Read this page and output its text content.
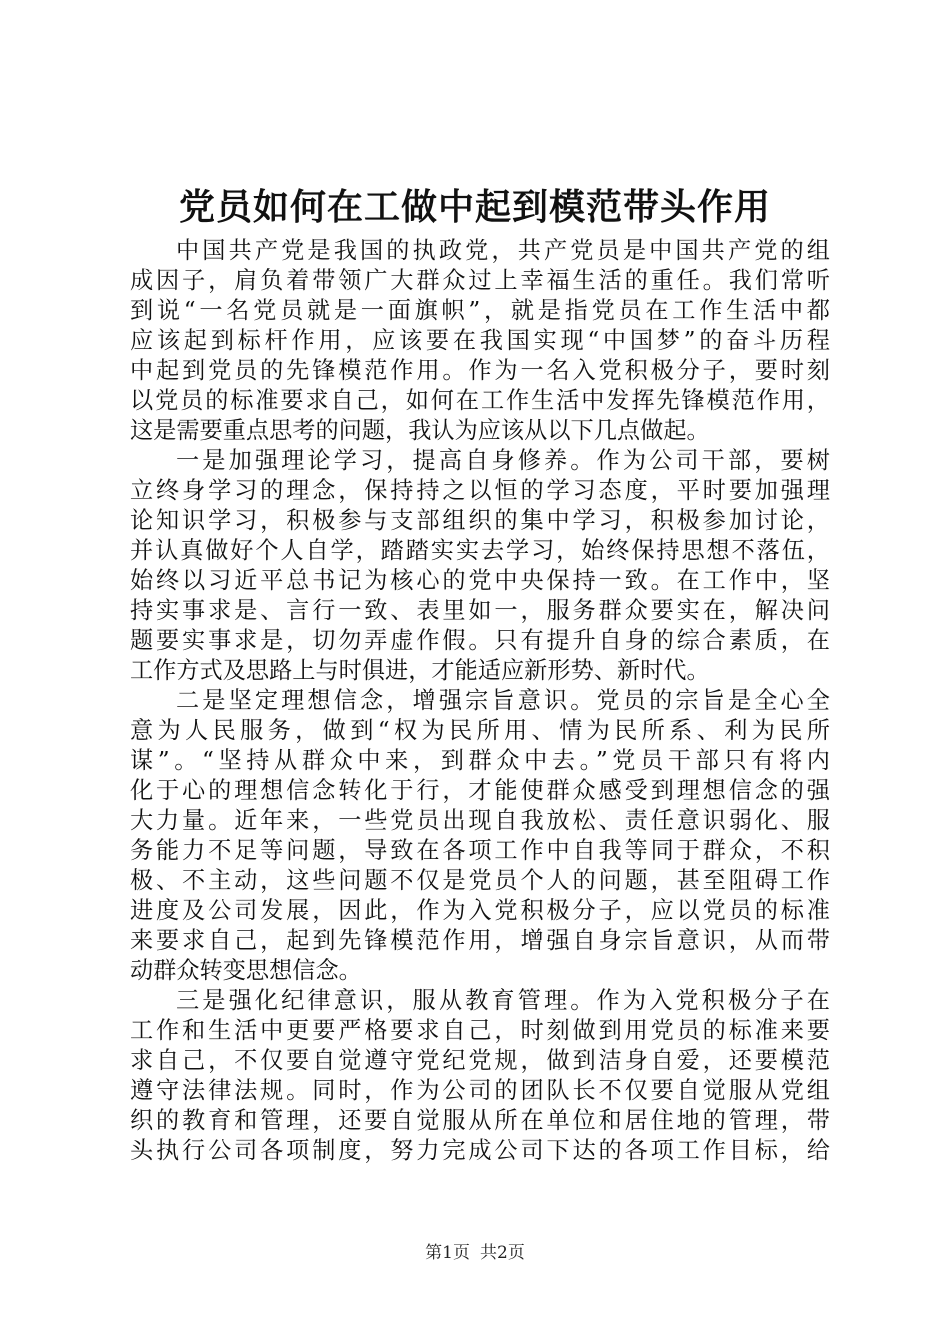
党员如何在工做中起到模范带头作用
中国共产党是我国的执政党，共产党员是中国共产党的组
成因子，肩负着带领广大群众过上幸福生活的重任。我们常听
到说“一名党员就是一面旗帜”，就是指党员在工作生活中都
应该起到标杆作用，应该要在我国实现“中国梦”的奋斗历程
中起到党员的先锋模范作用。作为一名入党积极分子，要时刻
以党员的标准要求自己，如何在工作生活中发挥先锋模范作用，
这是需要重点思考的问题，我认为应该从以下几点做起。
一是加强理论学习，提高自身修养。作为公司干部，要树
立终身学习的理念，保持持之以恒的学习态度，平时要加强理
论知识学习，积极参与支部组织的集中学习，积极参加讨论，
并认真做好个人自学，踏踏实实去学习，始终保持思想不落伍，
始终以习近平总书记为核心的党中央保持一致。在工作中，坚
持实事求是、言行一致、表里如一，服务群众要实在，解决问
题要实事求是，切勿弄虚作假。只有提升自身的综合素质，在
工作方式及思路上与时俱进，才能适应新形势、新时代。
二是坚定理想信念，增强宗旨意识。党员的宗旨是全心全
意为人民服务，做到“权为民所用、情为民所系、利为民所
谋”。“坚持从群众中来，到群众中去。”党员干部只有将内
化于心的理想信念转化于行，才能使群众感受到理想信念的强
大力量。近年来，一些党员出现自我放松、责任意识弱化、服
务能力不足等问题，导致在各项工作中自我等同于群众，不积
极、不主动，这些问题不仅是党员个人的问题，甚至阻碍工作
进度及公司发展，因此，作为入党积极分子，应以党员的标准
来要求自己，起到先锋模范作用，增强自身宗旨意识，从而带
动群众转变思想信念。
三是强化纪律意识，服从教育管理。作为入党积极分子在
工作和生活中更要严格要求自己，时刻做到用党员的标准来要
求自己，不仅要自觉遵守党纪党规，做到洁身自爱，还要模范
遵守法律法规。同时，作为公司的团队长不仅要自觉服从党组
织的教育和管理，还要自觉服从所在单位和居住地的管理，带
头执行公司各项制度，努力完成公司下达的各项工作目标，给
第1页 共2页
